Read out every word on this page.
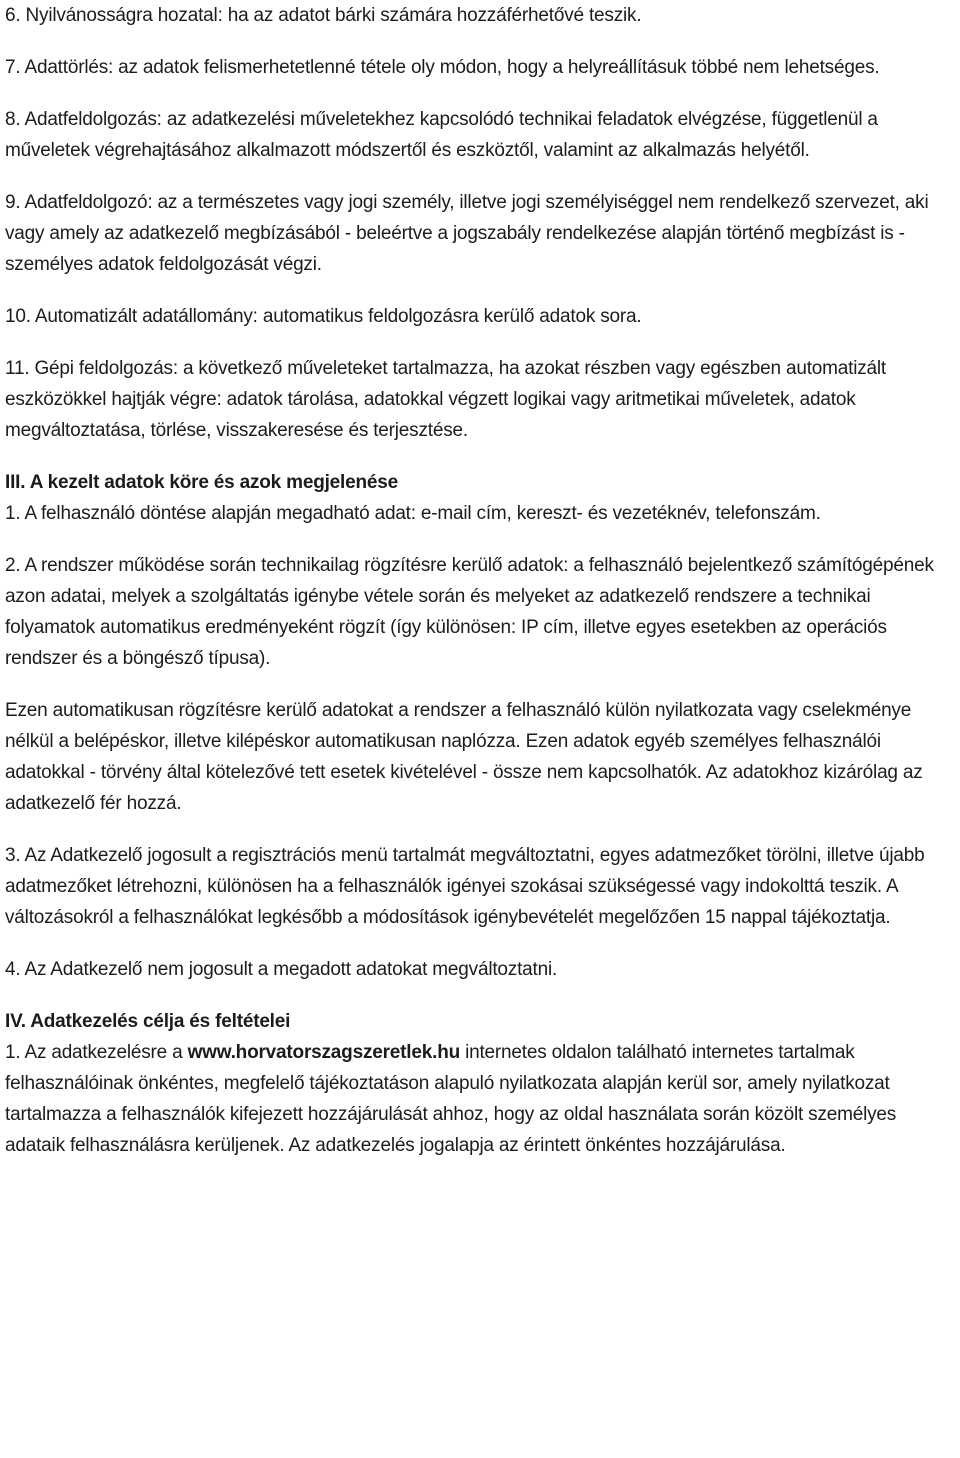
6. Nyilvánosságra hozatal: ha az adatot bárki számára hozzáférhetővé teszik.

7. Adattörlés: az adatok felismerhetetlenné tétele oly módon, hogy a helyreállításuk többé nem lehetséges.

8. Adatfeldolgozás: az adatkezelési műveletekhez kapcsolódó technikai feladatok elvégzése, függetlenül a műveletek végrehajtásához alkalmazott módszertől és eszköztől, valamint az alkalmazás helyétől.

9. Adatfeldolgozó: az a természetes vagy jogi személy, illetve jogi személyiséggel nem rendelkező szervezet, aki vagy amely az adatkezelő megbízásából - beleértve a jogszabály rendelkezése alapján történő megbízást is - személyes adatok feldolgozását végzi.

10. Automatizált adatállomány: automatikus feldolgozásra kerülő adatok sora.

11. Gépi feldolgozás: a következő műveleteket tartalmazza, ha azokat részben vagy egészben automatizált eszközökkel hajtják végre: adatok tárolása, adatokkal végzett logikai vagy aritmetikai műveletek, adatok megváltoztatása, törlése, visszakeresése és terjesztése.

III. A kezelt adatok köre és azok megjelenése

1. A felhasználó döntése alapján megadható adat: e-mail cím, kereszt- és vezetéknév, telefonszám.

2. A rendszer működése során technikailag rögzítésre kerülő adatok: a felhasználó bejelentkező számítógépének azon adatai, melyek a szolgáltatás igénybe vétele során és melyeket az adatkezelő rendszere a technikai folyamatok automatikus eredményeként rögzít (így különösen: IP cím, illetve egyes esetekben az operációs rendszer és a böngésző típusa).

Ezen automatikusan rögzítésre kerülő adatokat a rendszer a felhasználó külön nyilatkozata vagy cselekménye nélkül a belépéskor, illetve kilépéskor automatikusan naplózza. Ezen adatok egyéb személyes felhasználói adatokkal - törvény által kötelezővé tett esetek kivételével - össze nem kapcsolhatók. Az adatokhoz kizárólag az adatkezelő fér hozzá.

3. Az Adatkezelő jogosult a regisztrációs menü tartalmát megváltoztatni, egyes adatmezőket törölni, illetve újabb adatmezőket létrehozni, különösen ha a felhasználók igényei szokásai szükségessé vagy indokolttá teszik. A változásokról a felhasználókat legkésőbb a módosítások igénybevételét megelőzően 15 nappal tájékoztatja.

4. Az Adatkezelő nem jogosult a megadott adatokat megváltoztatni.

IV. Adatkezelés célja és feltételei

1. Az adatkezelésre a www.horvatorszagszeretlek.hu internetes oldalon található internetes tartalmak felhasználóinak önkéntes, megfelelő tájékoztatáson alapuló nyilatkozata alapján kerül sor, amely nyilatkozat tartalmazza a felhasználók kifejezett hozzájárulását ahhoz, hogy az oldal használata során közölt személyes adataik felhasználásra kerüljenek. Az adatkezelés jogalapja az érintett önkéntes hozzájárulása.
